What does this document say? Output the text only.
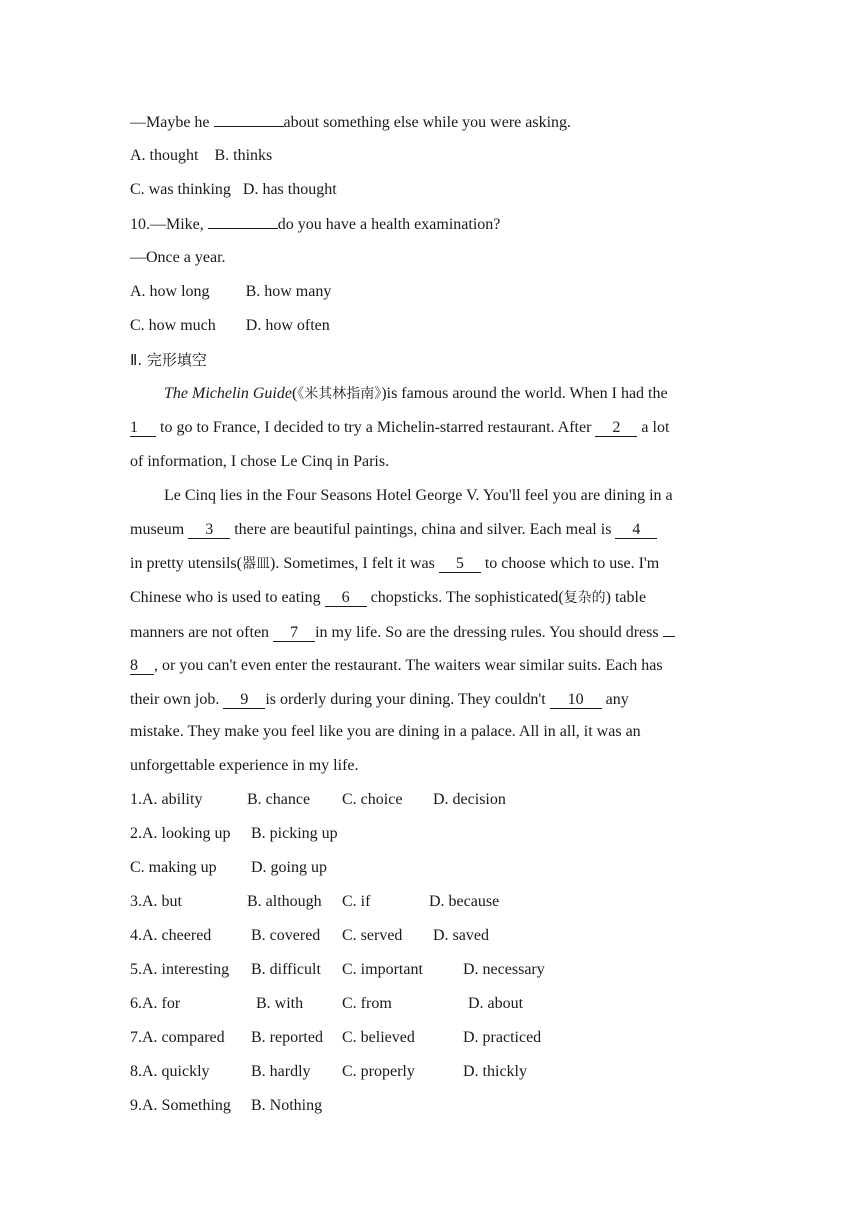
—Maybe he	about something else while you were asking.
A. thought B. thinks
C. was thinking D. has thought
10.—Mike,	do you have a health examination?
—Once a year.
A. how long B. how many
C. how much D. how often
Ⅱ. 完形填空
The Michelin Guide(《米其林指南》)is famous around the world. When I had the
1 to go to France, I decided to try a Michelin-starred restaurant. After 2 a lot
of information, I chose Le Cinq in Paris.
Le Cinq lies in the Four Seasons Hotel George V. You'll feel you are dining in a
museum 3 there are beautiful paintings, china and silver. Each meal is 4
in pretty utensils(器皿). Sometimes, I felt it was 5 to choose which to use. I'm
Chinese who is used to eating 6 chopsticks. The sophisticated(复杂的) table
manners are not often 7 in my life. So are the dressing rules. You should dress
8 , or you can't even enter the restaurant. The waiters wear similar suits. Each has
their own job. 9 is orderly during your dining. They couldn't 10 any
mistake. They make you feel like you are dining in a palace. All in all, it was an
unforgettable experience in my life.
1.A. ability	B. chance C. choice D. decision
2.A. looking up B. picking up
C. making up D. going up
3.A. but	B. although C. if	D. because
4.A. cheered B. covered C. served D. saved
5.A. interesting B. difficult C. important	D. necessary
6.A. for	B. with C. from	D. about
7.A. compared B. reported C. believed	D. practiced
8.A. quickly	B. hardly C. properly	D. thickly
9.A. Something B. Nothing
